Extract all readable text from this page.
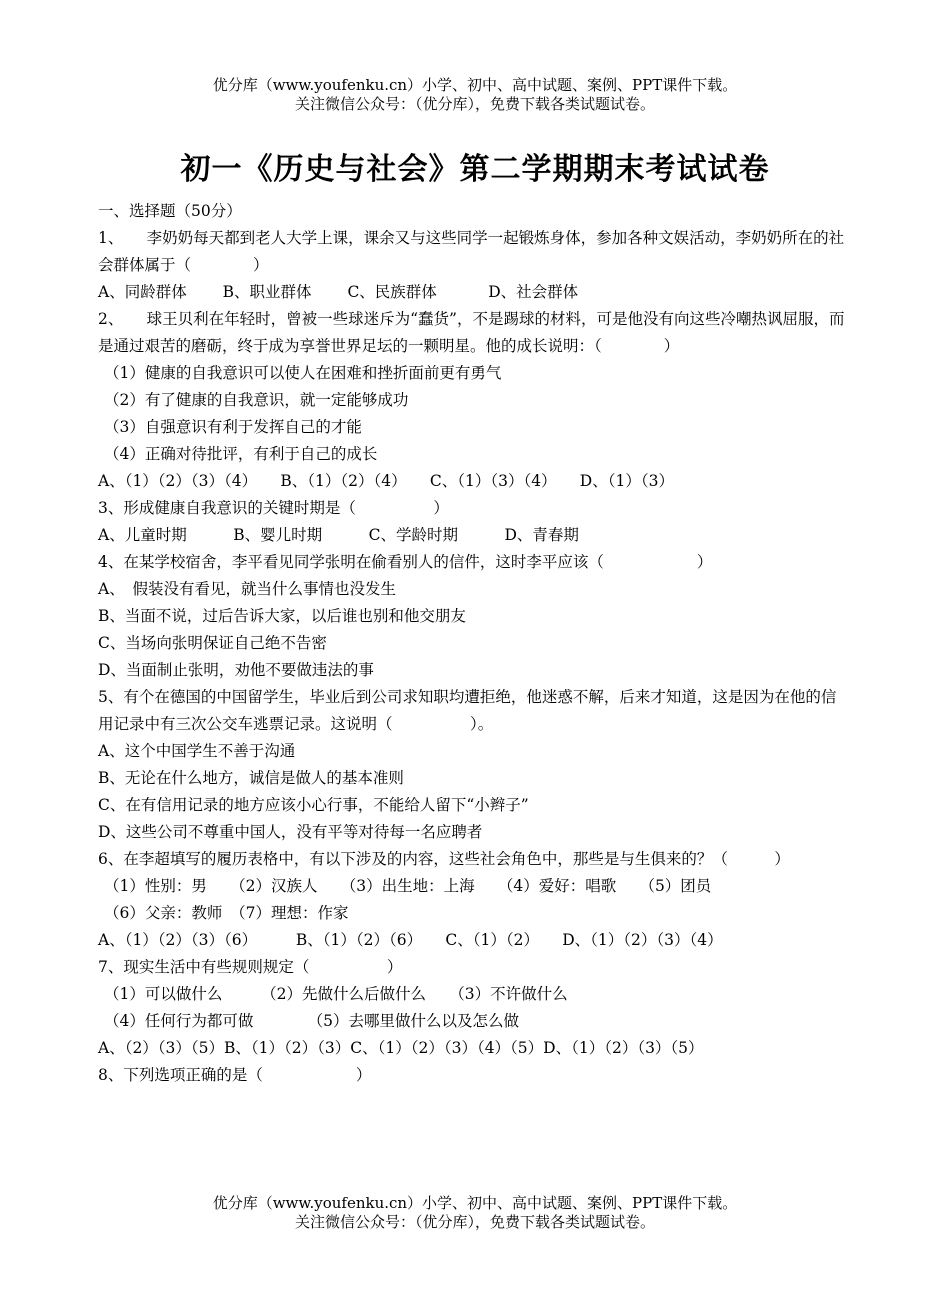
优分库（www.youfenku.cn）小学、初中、高中试题、案例、PPT课件下载。
关注微信公众号：（优分库），免费下载各类试题试卷。
初一《历史与社会》第二学期期末考试试卷
一、选择题（50分）
1、　　李奶奶每天都到老人大学上课，课余又与这些同学一起锻炼身体，参加各种文娱活动，李奶奶所在的社会群体属于（　　　　）
A、同龄群体　　 B、职业群体　　 C、民族群体　　　 D、社会群体
2、　　球王贝利在年轻时，曾被一些球迷斥为“蠢货”，不是踢球的材料，可是他没有向这些冷嘲热讽屈服，而是通过艰苦的磨砺，终于成为享誉世界足坛的一颗明星。他的成长说明：（　　　　）
（1）健康的自我意识可以使人在困难和挫折面前更有勇气
（2）有了健康的自我意识，就一定能够成功
（3）自强意识有利于发挥自己的才能
（4）正确对待批评，有利于自己的成长
A、（1）（2）（3）（4）　　B、（1）（2）（4）　　C、（1）（3）（4）　　D、（1）（3）
3、形成健康自我意识的关键时期是（　　　　　）
A、儿童时期　　　B、婴儿时期　　　C、学龄时期　　　D、青春期
4、在某学校宿舍，李平看见同学张明在偷看别人的信件，这时李平应该（　　　　　　）
A、　假装没有看见，就当什么事情也没发生
B、当面不说，过后告诉大家，以后谁也别和他交朋友
C、当场向张明保证自己绝不告密
D、当面制止张明，劝他不要做违法的事
5、有个在德国的中国留学生，毕业后到公司求知职均遭拒绝，他迷惑不解，后来才知道，这是因为在他的信用记录中有三次公交车逃票记录。这说明（　　　　　）。
A、这个中国学生不善于沟通
B、无论在什么地方，诚信是做人的基本准则
C、在有信用记录的地方应该小心行事，不能给人留下“小辫子”
D、这些公司不尊重中国人，没有平等对待每一名应聘者
6、在李超填写的履历表格中，有以下涉及的内容，这些社会角色中，那些是与生俱来的？（　　　）
（1）性别：男　　（2）汉族人　　（3）出生地：上海　　（4）爱好：唱歌　　（5）团员
（6）父亲：教师　（7）理想：作家
A、（1）（2）（3）（6）　　　B、（1）（2）（6）　　C、（1）（2）　　D、（1）（2）（3）（4）
7、现实生活中有些规则规定（　　　　　）
（1）可以做什么　　　（2）先做什么后做什么　　（3）不许做什么
（4）任何行为都可做　　　　（5）去哪里做什么以及怎么做
A、（2）（3）（5）B、（1）（2）（3）C、（1）（2）（3）（4）（5）D、（1）（2）（3）（5）
8、下列选项正确的是（　　　　　　）
优分库（www.youfenku.cn）小学、初中、高中试题、案例、PPT课件下载。
关注微信公众号：（优分库），免费下载各类试题试卷。
